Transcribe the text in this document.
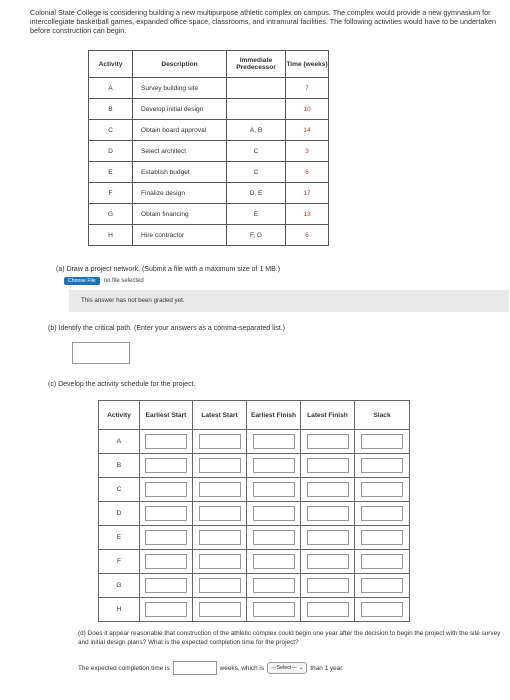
Colonial State College is considering building a new multipurpose athletic complex on campus. The complex would provide a new gymnasium for intercollegiate basketball games, expanded office space, classrooms, and intramural facilities. The following activities would have to be undertaken before construction can begin.
Activity	Description	Immediate Predecessor	Time (weeks)
A	Survey building site		7
B	Develop initial design		10
C	Obtain board approval	A, B	14
D	Select architect	C	3
E	Establish budget	C	6
F	Finalize design	D, E	17
G	Obtain financing	E	13
H	Hire contractor	F, G	6
(a) Draw a project network. (Submit a file with a maximum size of 1 MB.)
Choose File	no file selected
This answer has not been graded yet.
(b) Identify the critical path. (Enter your answers as a comma-separated list.)
(c) Develop the activity schedule for the project.
Activity	Earliest Start	Latest Start	Earliest Finish	Latest Finish	Slack
A	

B	

C	

D	

E	

F	

G	

H	

(d) Does it appear reasonable that construction of the athletic complex could begin one year after the decision to begin the project with the site survey and initial design plans? What is the expected completion time for the project?
The expected completion time is	weeks, which is ---Select--- ⌄ than 1 year.
